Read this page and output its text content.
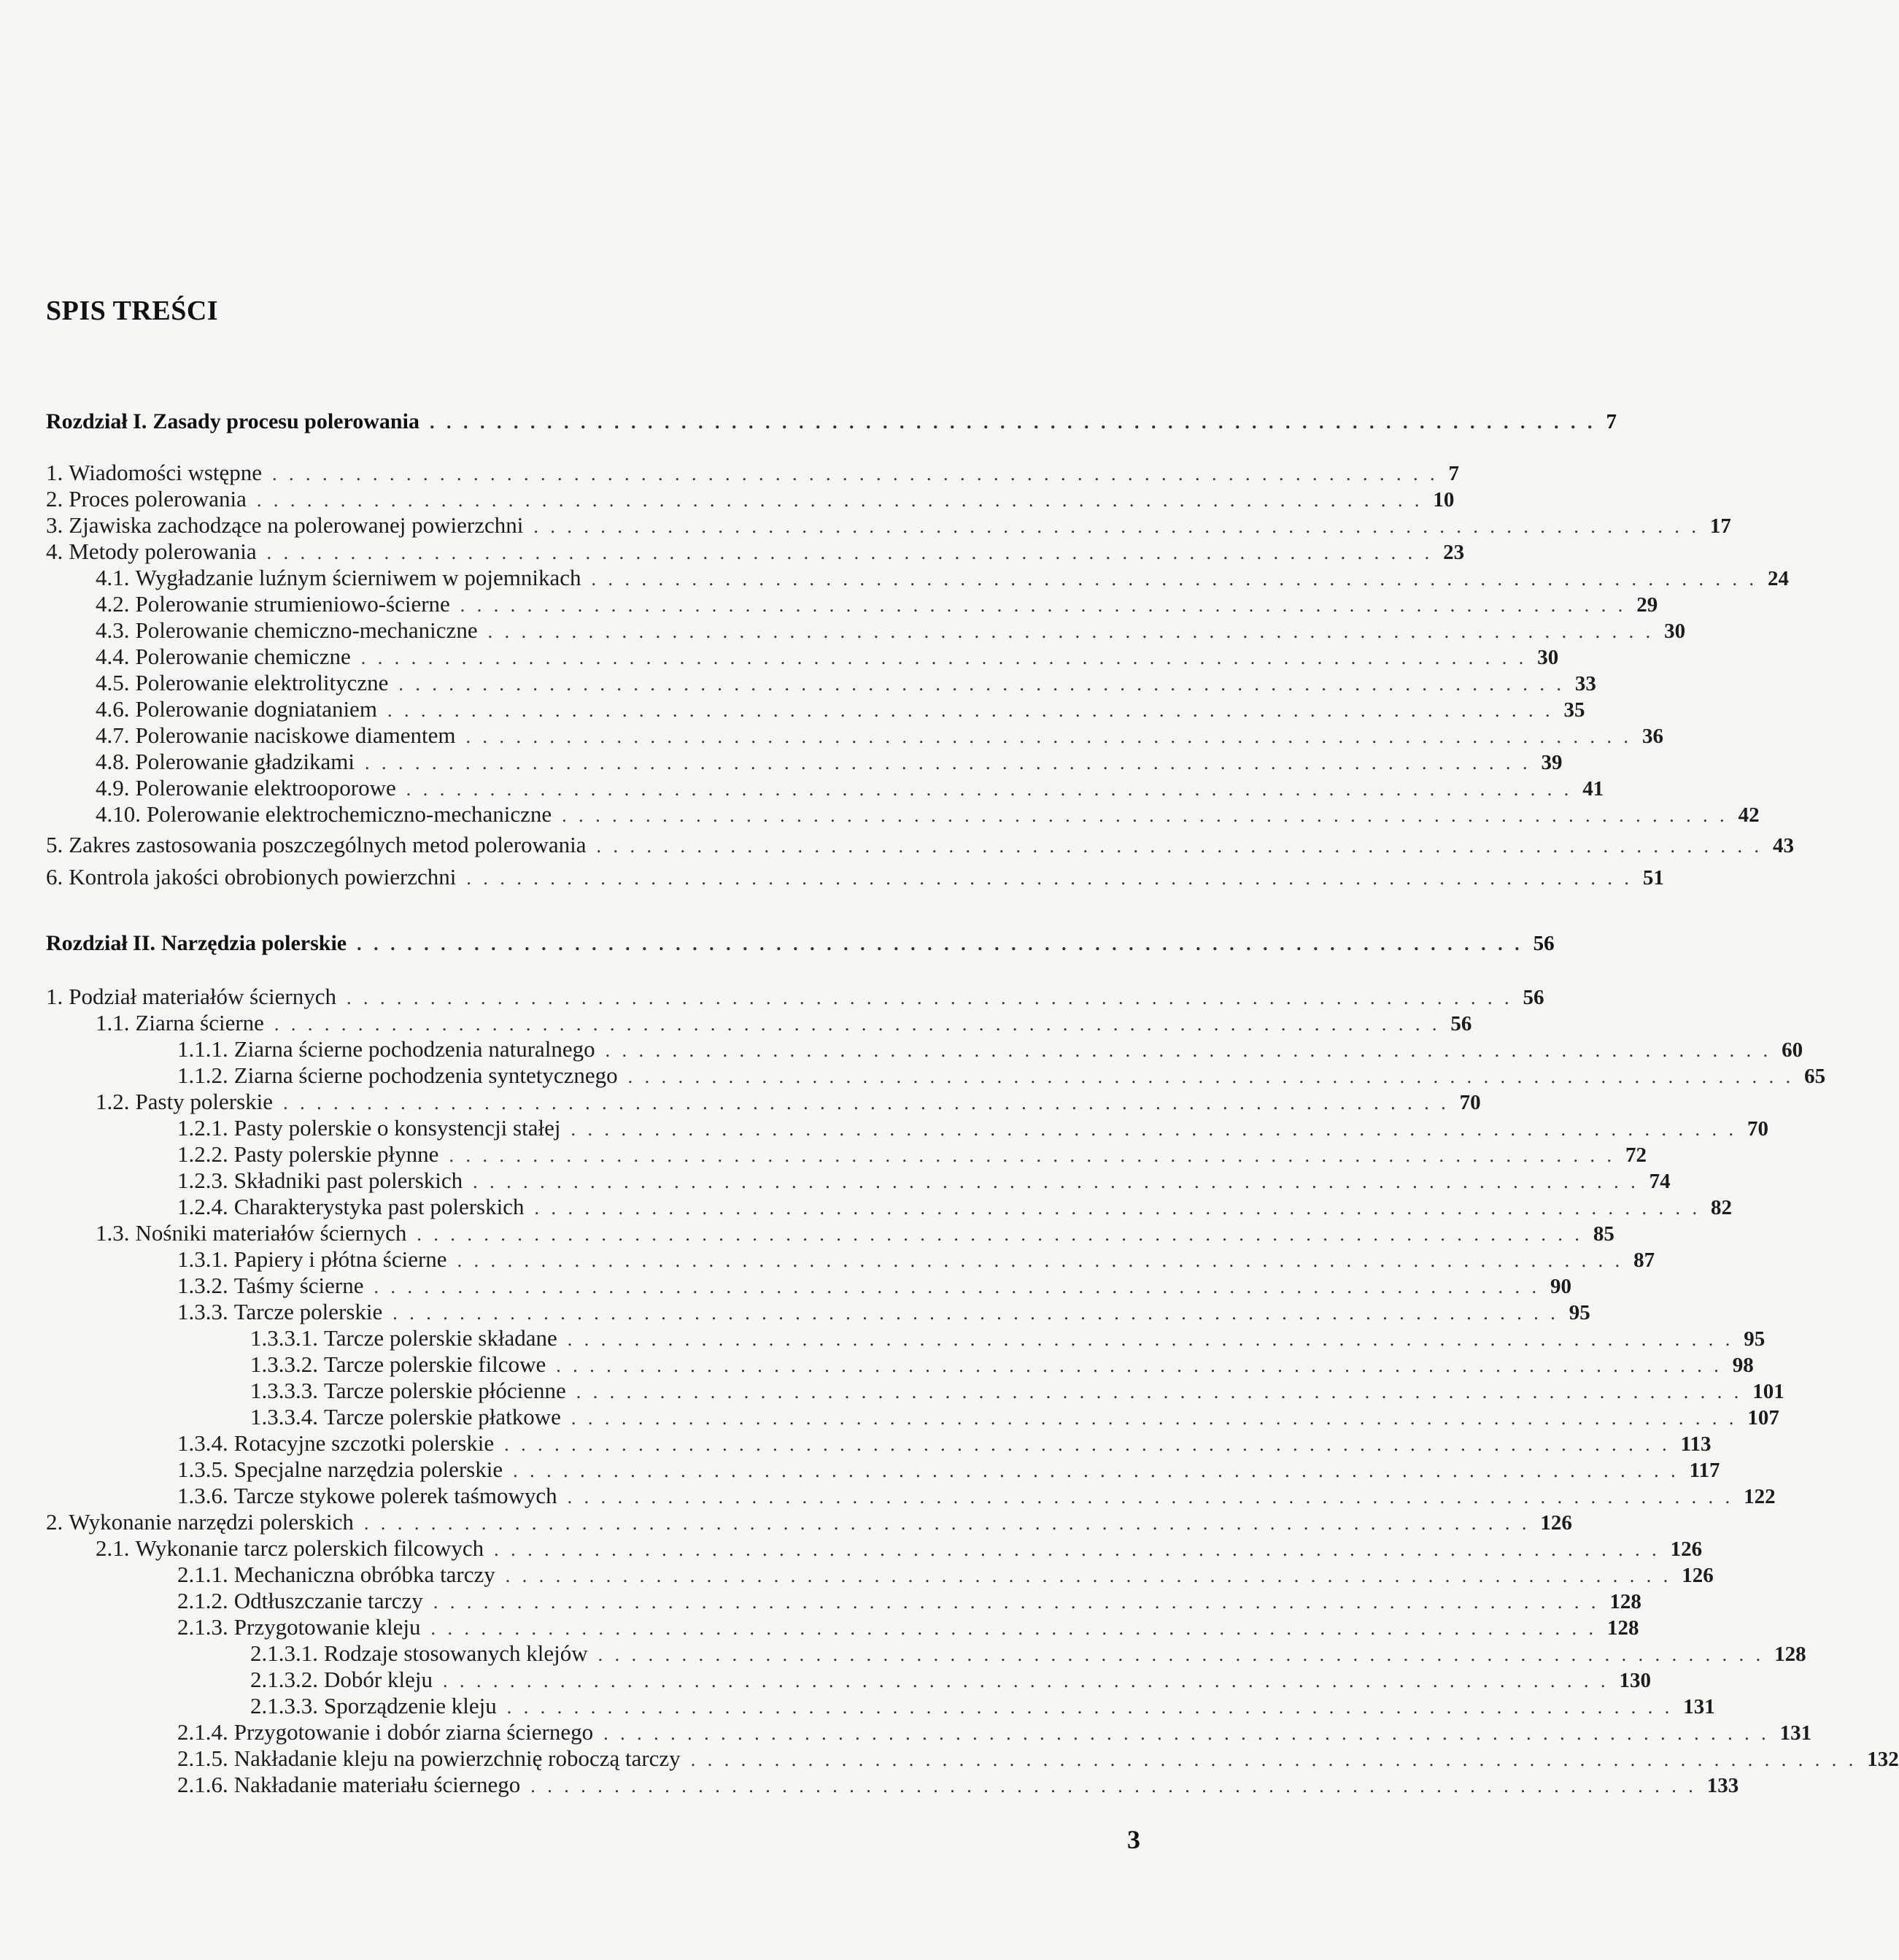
SPIS TREŚCI
Rozdział I. Zasady procesu polerowania . . .	7
1. Wiadomości wstępne . . .	7
2. Proces polerowania . . .	10
3. Zjawiska zachodzące na polerowanej powierzchni . . .	17
4. Metody polerowania . . .	23
4.1. Wygładzanie luźnym ścierniwem w pojemnikach . . .	24
4.2. Polerowanie strumieniowo-ścierne . . .	29
4.3. Polerowanie chemiczno-mechaniczne . . .	30
4.4. Polerowanie chemiczne . . .	30
4.5. Polerowanie elektrolityczne . . .	33
4.6. Polerowanie dogniataniem . . .	35
4.7. Polerowanie naciskowe diamentem . . .	36
4.8. Polerowanie gładzikami . . .	39
4.9. Polerowanie elektrooporowe . . .	41
4.10. Polerowanie elektrochemiczno-mechaniczne . . .	42
5. Zakres zastosowania poszczególnych metod polerowania . . .	43
6. Kontrola jakości obrobionych powierzchni . . .	51
Rozdział II. Narzędzia polerskie . . .	56
1. Podział materiałów ściernych . . .	56
1.1. Ziarna ścierne . . .	56
1.1.1. Ziarna ścierne pochodzenia naturalnego . . .	60
1.1.2. Ziarna ścierne pochodzenia syntetycznego . . .	65
1.2. Pasty polerskie . . .	70
1.2.1. Pasty polerskie o konsystencji stałej . . .	70
1.2.2. Pasty polerskie płynne . . .	72
1.2.3. Składniki past polerskich . . .	74
1.2.4. Charakterystyka past polerskich . . .	82
1.3. Nośniki materiałów ściernych . . .	85
1.3.1. Papiery i płótna ścierne . . .	87
1.3.2. Taśmy ścierne . . .	90
1.3.3. Tarcze polerskie . . .	95
1.3.3.1. Tarcze polerskie składane . . .	95
1.3.3.2. Tarcze polerskie filcowe . . .	98
1.3.3.3. Tarcze polerskie płócienne . . .	101
1.3.3.4. Tarcze polerskie płatkowe . . .	107
1.3.4. Rotacyjne szczotki polerskie . . .	113
1.3.5. Specjalne narzędzia polerskie . . .	117
1.3.6. Tarcze stykowe polerek taśmowych . . .	122
2. Wykonanie narzędzi polerskich . . .	126
2.1. Wykonanie tarcz polerskich filcowych . . .	126
2.1.1. Mechaniczna obróbka tarczy . . .	126
2.1.2. Odtłuszczanie tarczy . . .	128
2.1.3. Przygotowanie kleju . . .	128
2.1.3.1. Rodzaje stosowanych klejów . . .	128
2.1.3.2. Dobór kleju . . .	130
2.1.3.3. Sporządzenie kleju . . .	131
2.1.4. Przygotowanie i dobór ziarna ściernego . . .	131
2.1.5. Nakładanie kleju na powierzchnię roboczą tarczy . . .	132
2.1.6. Nakładanie materiału ściernego . . .	133
3
